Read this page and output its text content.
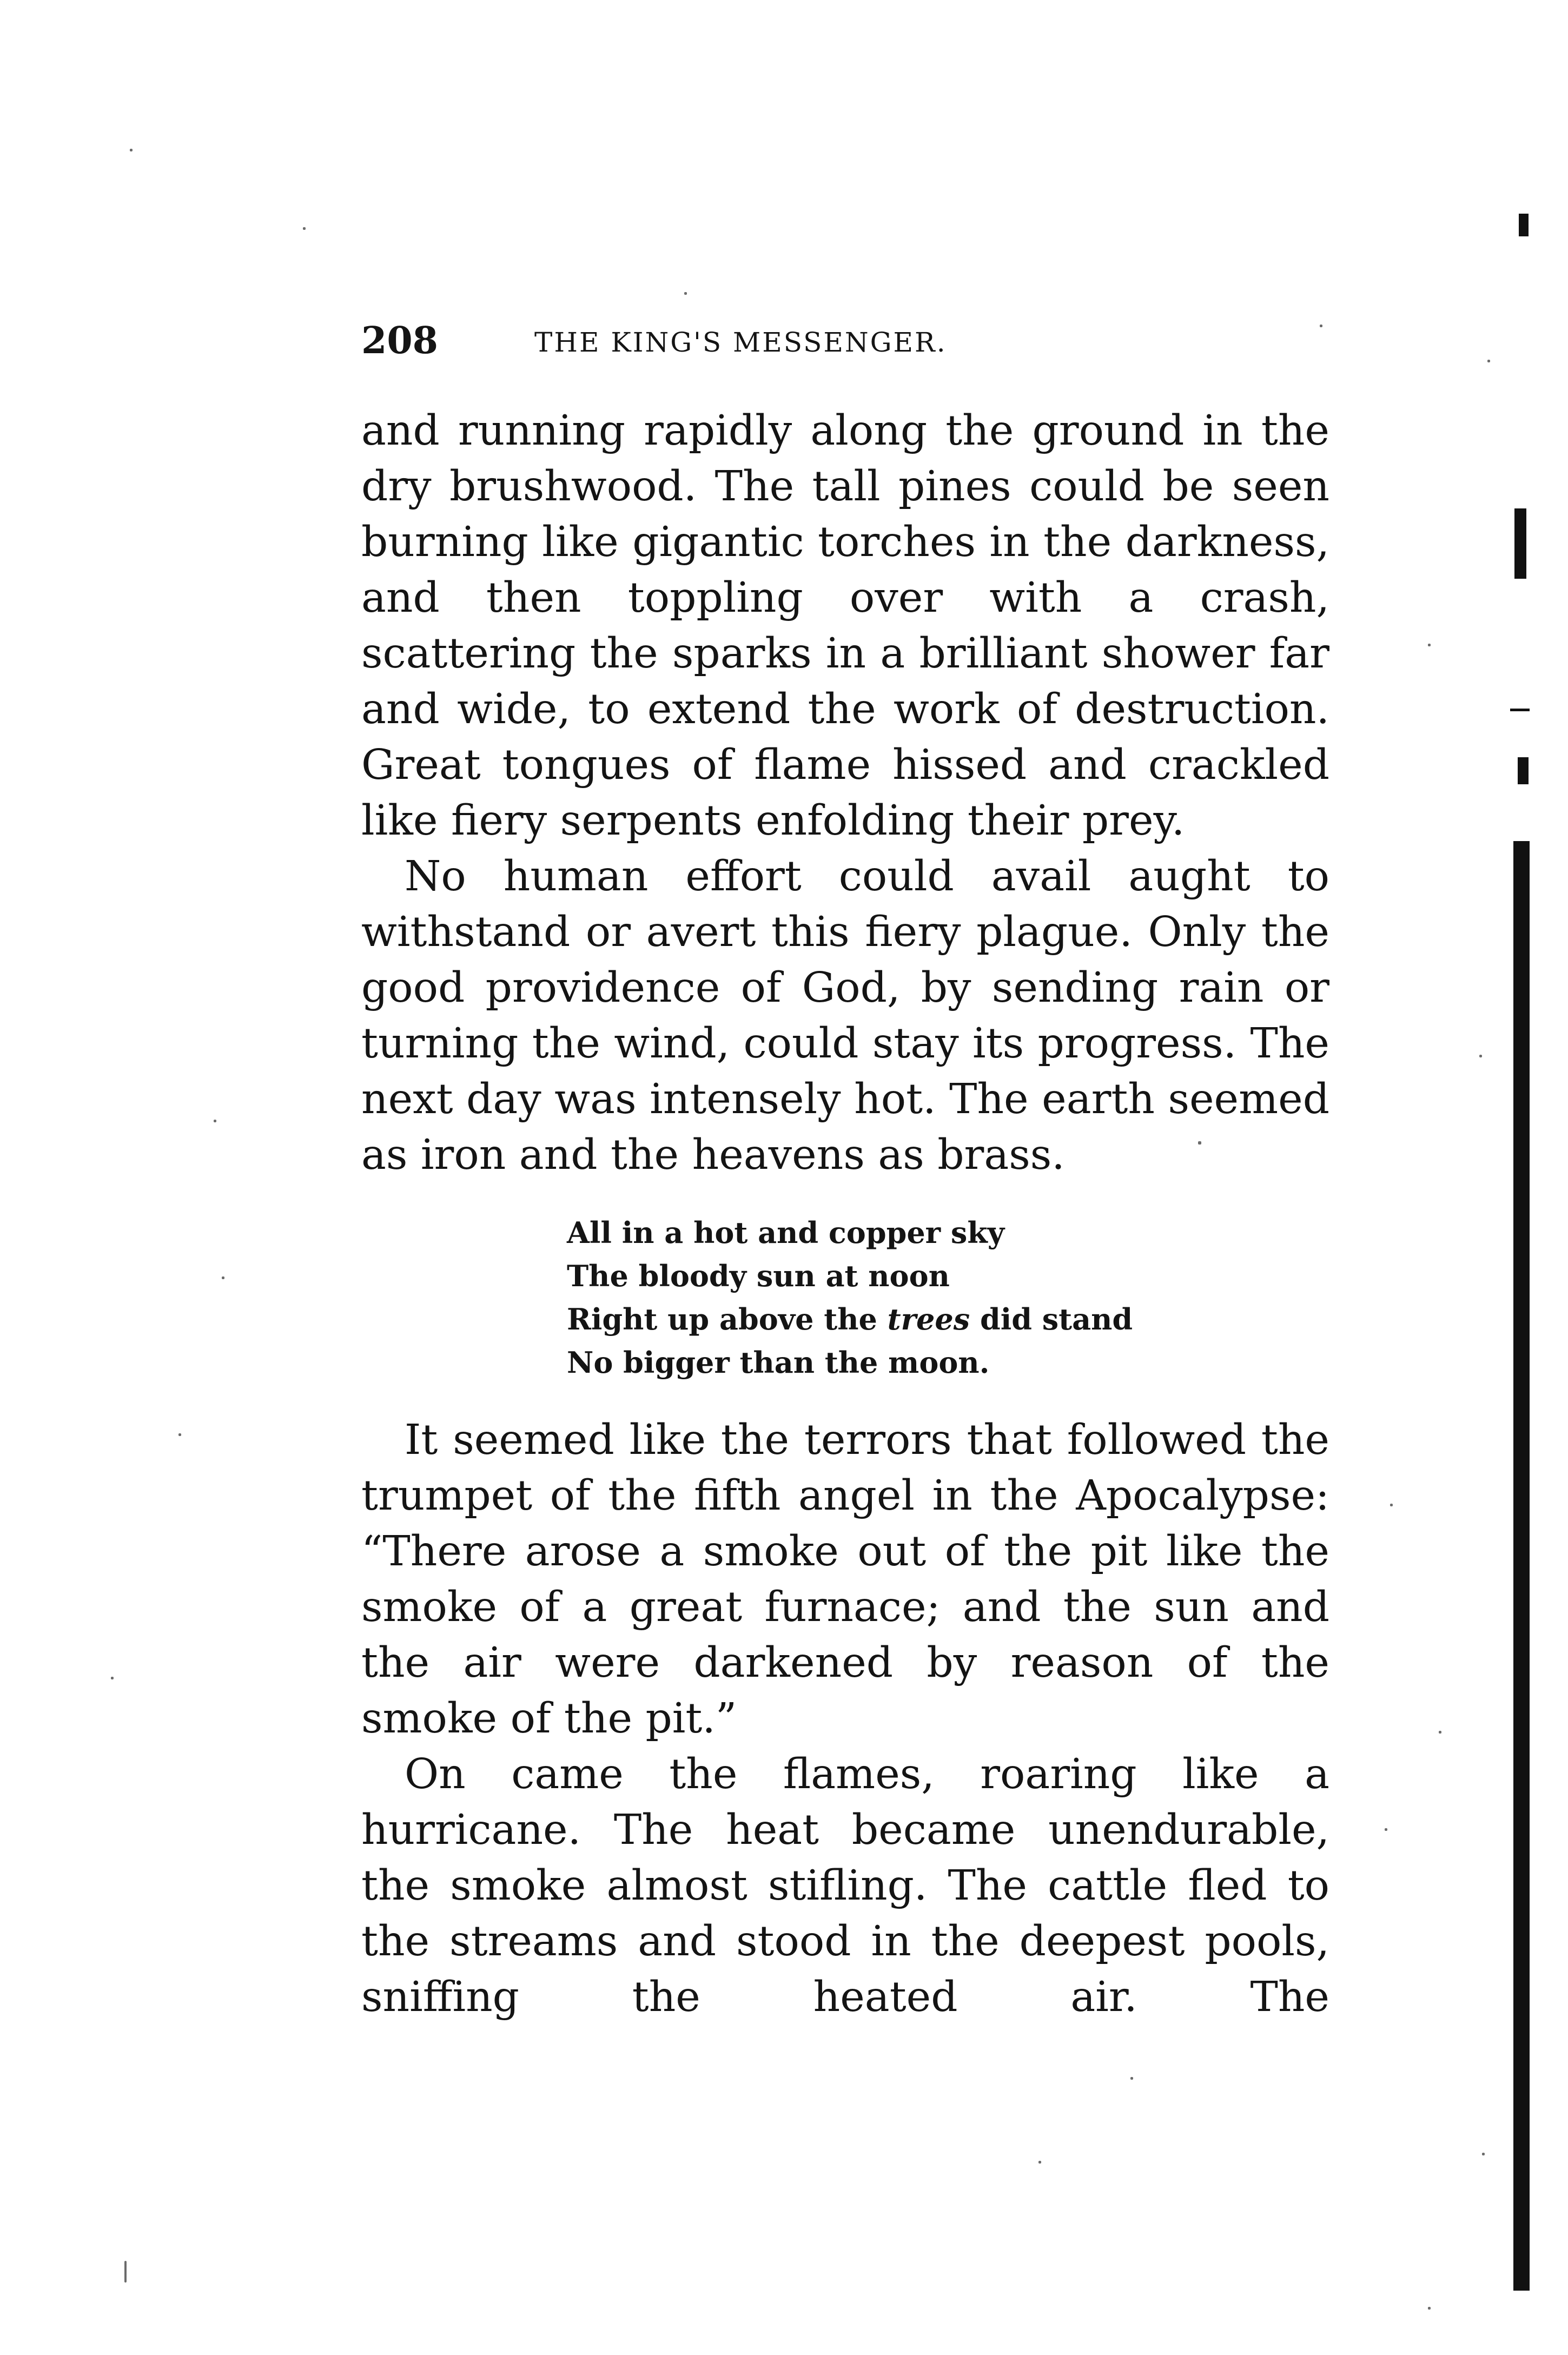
208	THE KING'S MESSENGER.

and running rapidly along the ground in the dry brushwood. The tall pines could be seen burning like gigantic torches in the darkness, and then toppling over with a crash, scattering the sparks in a brilliant shower far and wide, to extend the work of destruction. Great tongues of flame hissed and crackled like fiery serpents enfolding their prey.

No human effort could avail aught to withstand or avert this fiery plague. Only the good providence of God, by sending rain or turning the wind, could stay its progress. The next day was intensely hot. The earth seemed as iron and the heavens as brass.

All in a hot and copper sky
The bloody sun at noon
Right up above the trees did stand
No bigger than the moon.

It seemed like the terrors that followed the trumpet of the fifth angel in the Apocalypse: “There arose a smoke out of the pit like the smoke of a great furnace; and the sun and the air were darkened by reason of the smoke of the pit.”

On came the flames, roaring like a hurricane. The heat became unendurable, the smoke almost stifling. The cattle fled to the streams and stood in the deepest pools, sniffing the heated air. The
